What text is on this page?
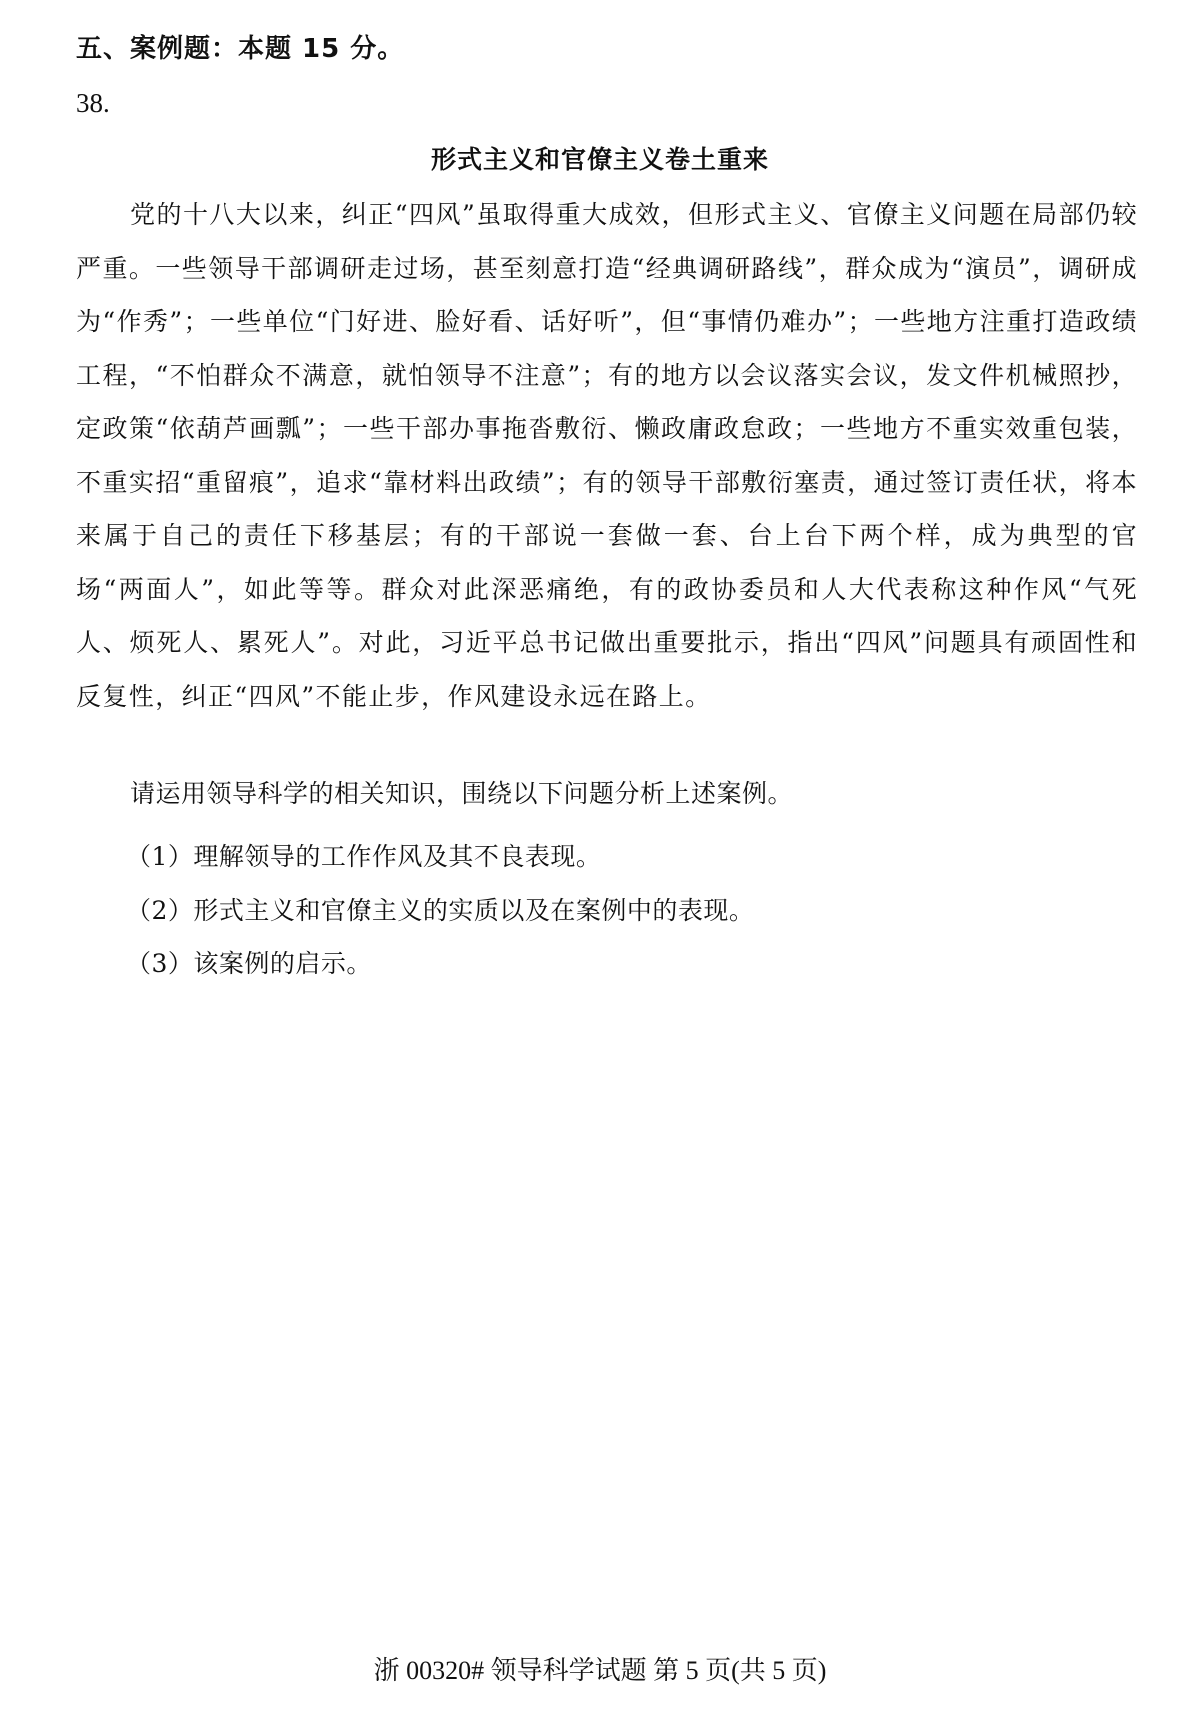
五、案例题：本题 15 分。
38.
形式主义和官僚主义卷土重来

党的十八大以来，纠正“四风”虽取得重大成效，但形式主义、官僚主义问题在局部仍较严重。一些领导干部调研走过场，甚至刻意打造“经典调研路线”，群众成为“演员”，调研成为“作秀”；一些单位“门好进、脸好看、话好听”，但“事情仍难办”；一些地方注重打造政绩工程，“不怕群众不满意，就怕领导不注意”；有的地方以会议落实会议，发文件机械照抄，定政策“依葫芦画瓢”；一些干部办事拖沓敷衍、懒政庸政怠政；一些地方不重实效重包装，不重实招“重留痕”，追求“靠材料出政绩”；有的领导干部敷衍塞责，通过签订责任状，将本来属于自己的责任下移基层；有的干部说一套做一套、台上台下两个样，成为典型的官场“两面人”，如此等等。群众对此深恶痛绝，有的政协委员和人大代表称这种作风“气死人、烦死人、累死人”。对此，习近平总书记做出重要批示，指出“四风”问题具有顽固性和反复性，纠正“四风”不能止步，作风建设永远在路上。

请运用领导科学的相关知识，围绕以下问题分析上述案例。
（1）理解领导的工作作风及其不良表现。
（2）形式主义和官僚主义的实质以及在案例中的表现。
（3）该案例的启示。
浙 00320# 领导科学试题 第 5 页(共 5 页)
